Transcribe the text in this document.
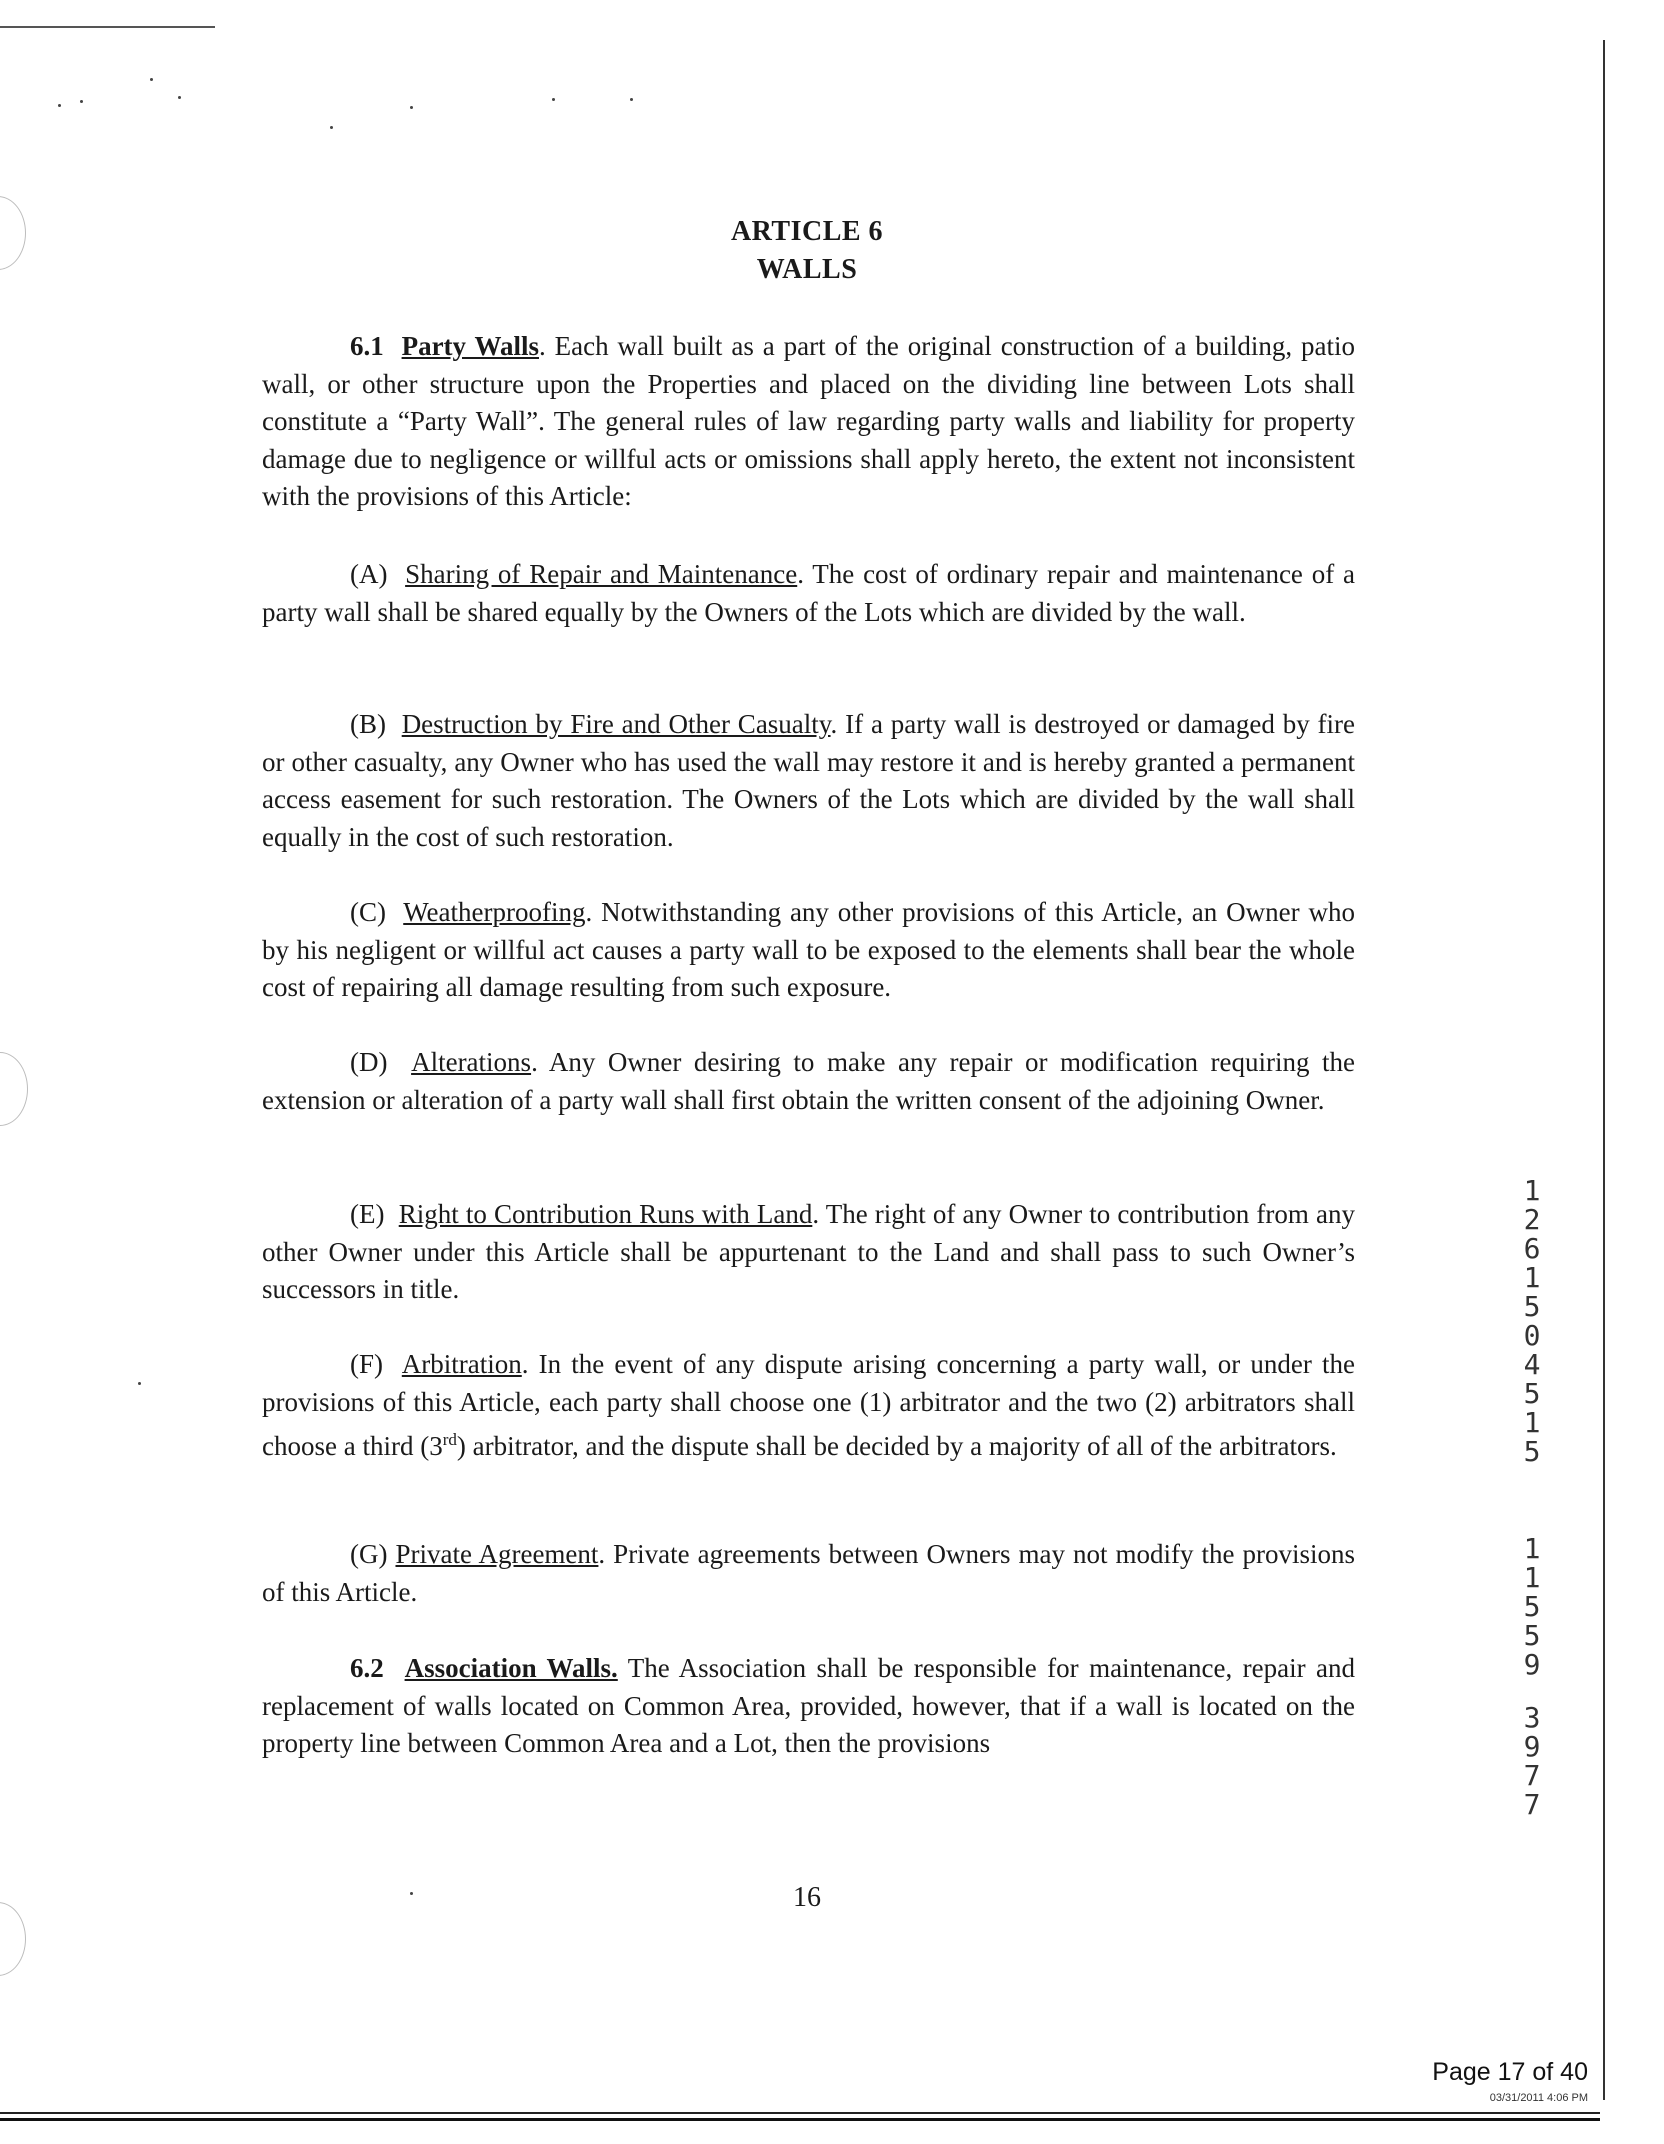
ARTICLE 6
WALLS

6.1 Party Walls. Each wall built as a part of the original construction of a building, patio wall, or other structure upon the Properties and placed on the dividing line between Lots shall constitute a “Party Wall”. The general rules of law regarding party walls and liability for property damage due to negligence or willful acts or omissions shall apply hereto, the extent not inconsistent with the provisions of this Article:

(A) Sharing of Repair and Maintenance. The cost of ordinary repair and maintenance of a party wall shall be shared equally by the Owners of the Lots which are divided by the wall.

(B) Destruction by Fire and Other Casualty. If a party wall is destroyed or damaged by fire or other casualty, any Owner who has used the wall may restore it and is hereby granted a permanent access easement for such restoration. The Owners of the Lots which are divided by the wall shall equally in the cost of such restoration.

(C) Weatherproofing. Notwithstanding any other provisions of this Article, an Owner who by his negligent or willful act causes a party wall to be exposed to the elements shall bear the whole cost of repairing all damage resulting from such exposure.

(D) Alterations. Any Owner desiring to make any repair or modification requiring the extension or alteration of a party wall shall first obtain the written consent of the adjoining Owner.

(E) Right to Contribution Runs with Land. The right of any Owner to contribution from any other Owner under this Article shall be appurtenant to the Land and shall pass to such Owner’s successors in title.

(F) Arbitration. In the event of any dispute arising concerning a party wall, or under the provisions of this Article, each party shall choose one (1) arbitrator and the two (2) arbitrators shall choose a third (3rd) arbitrator, and the dispute shall be decided by a majority of all of the arbitrators.

(G) Private Agreement. Private agreements between Owners may not modify the provisions of this Article.

6.2 Association Walls. The Association shall be responsible for maintenance, repair and replacement of walls located on Common Area, provided, however, that if a wall is located on the property line between Common Area and a Lot, then the provisions

16
1
2
6
1
5
0
4
5
1
5
1
1
5
5
9
3
9
7
7
Page 17 of 40
03/31/2011 4:06 PM
